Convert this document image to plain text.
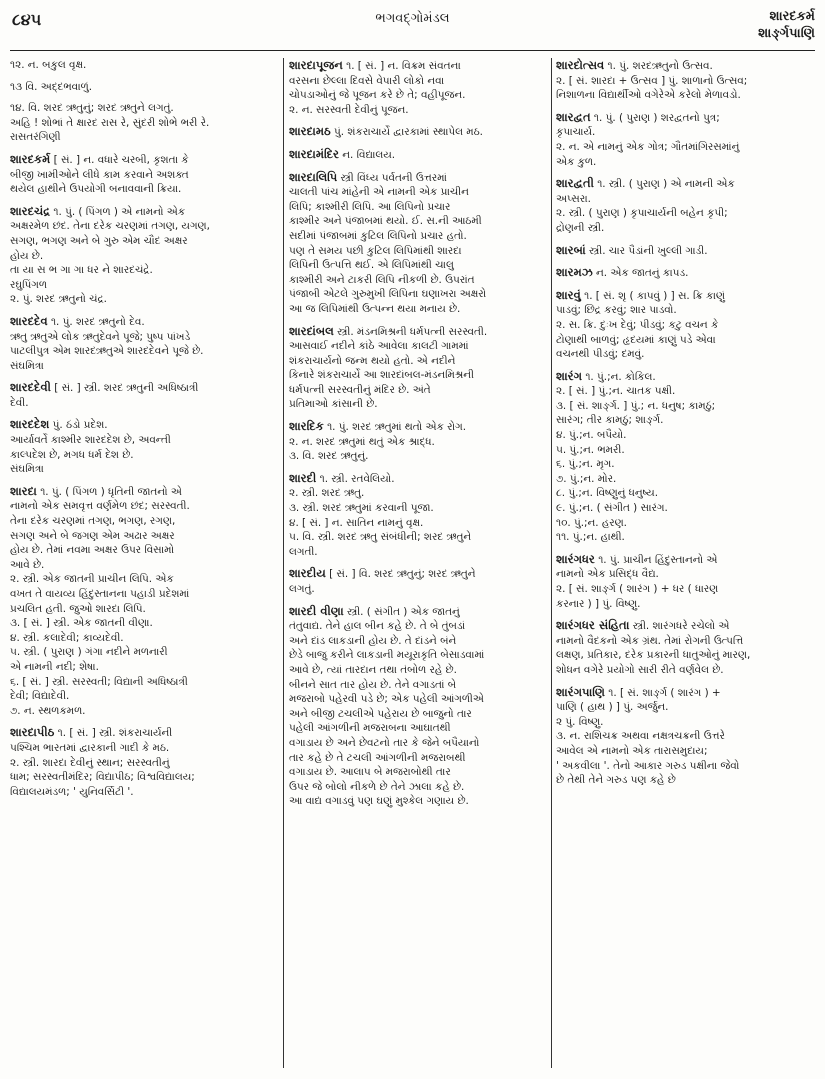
૮૪૫	ભગવદ્ગોમંડલ	શારદકર્મ
શાર્ઙ્ગપાણિ
૧૨. ન. બકુલ વૃક્ષ.
૧૩ વિ. અદ્દભવાળું.
૧૪. વિ. શરદ ઋતુનું; શરદ ઋતુને લગતું.
અહિ ! શોભાં તે ક્ષારદ રાસ રે, સુંદરી શોભે ભરી રે.
રાસતરંગિણી
શારદકર્મ [ સં. ] ન. વધારે ચરબી, કૃશતા કે
બીજી ખામીઓને લીધે કામ કરવાને અશક્ત
થયેલ હાથીને ઉપયોગી બનાવવાની ક્રિયા.
શારદચંદ્ર ૧. પું. ( પિંગળ ) એ નામનો એક
અક્ષરમેળ છંદ. તેના દરેક ચરણમાં તગણ, યગણ,
સગણ, ભગણ અને બે ગુરુ એમ ચૌદ અક્ષર
હોય છે.
તા યા સ ભ ગા ગા ધર ને શારદચંદ્રે.
રઘુપિંગળ
૨. પું. શરદ ઋતુનો ચંદ્ર.
શારદદેવ ૧. પું. શરદ ઋતુનો દેવ.
ઋતુ ઋતુએ લોક ઋતુદેવને પૂજે; પુષ્પ પાંખડે
પાટલીપુત્ર એમ શારદઋતુએ શારદદેવને પૂજે છે.
સંઘમિત્રા
શારદદેવી [ સં. ] સ્ત્રી. શરદ ઋતુની અધિષ્ઠાત્રી
દેવી.
શારદદેશ પું. ઠંડો પ્રદેશ.
આર્યાવર્તે કાશ્મીર શારદદેશ છે, અવન્તી
કાલ્પદેશ છે, મગધ ધર્મ દેશ છે.
સંઘમિત્રા
શારદા ૧. પું. ( પિંગળ ) ધૃતિની જાતનો એ
નામનો એક સમવૃત્ત વર્ણમેળ છંદ; સરસ્વતી.
તેના દરેક ચરણમાં તગણ, ભગણ, રગણ,
સગણ અને બે જગણ એમ અઢાર અક્ષર
હોય છે. તેમાં નવમા અક્ષર ઉપર વિસામો
આવે છે.
૨. સ્ત્રી. એક જાતની પ્રાચીન લિપિ. એક
વખત તે વાયવ્ય હિંદુસ્તાનના પહાડી પ્રદેશમાં
પ્રચલિત હતી. જુઓ શારદા લિપિ.
૩. [ સં. ] સ્ત્રી. એક જાતની વીણા.
૪. સ્ત્રી. કલાદેવી; કાવ્યદેવી.
૫. સ્ત્રી. ( પુરાણ ) ગંગા નદીને મળનારી
એ નામની નદી; શેષા.
૬. [ સં. ] સ્ત્રી. સરસ્વતી; વિદ્યાની અધિષ્ઠાત્રી
દેવી; વિદ્યાદેવી.
૭. ન. સ્થળકમળ.
શારદાપીઠ ૧. [ સં. ] સ્ત્રી. શંકરાચાર્યની
પશ્ચિમ ભારતમાં દ્વારકાની ગાદી કે મઠ.
૨. સ્ત્રી. શારદા દેવીનું સ્થાન; સરસ્વતીનું
ધામ; સરસ્વતીમંદિર; વિદ્યાપીઠ; વિશ્વવિદ્યાલય;
વિદ્યાલયમંડળ; ' યુનિવર્સિટી '.
શારદાપૂજન ૧. [ સં. ] ન. વિક્રમ સંવતના
વરસના છેલ્લા દિવસે વેપારી લોકો નવા
ચોપડાઓનું જે પૂજન કરે છે તે; વહીપૂજન.
૨. ન. સરસ્વતી દેવીનું પૂજન.
શારદામઠ પું. શંકરાચાર્યે દ્વારકામાં સ્થાપેલ મઠ.
શારદામંદિર ન. વિદ્યાલય.
શારદાલિપિ સ્ત્રી વિંધ્ય પર્વતની ઉત્તરમાં
ચાલતી પાંચ માંહેની એ નામની એક પ્રાચીન
લિપિ; કાશ્મીરી લિપિ. આ લિપિનો પ્રચાર
કાશ્મીર અને પંજાબમાં થયો. ઈ. સ.ની આઠમી
સદીમાં પંજાબમાં કુટિલ લિપિનો પ્રચાર હતો.
પણ તે સમય પછી કુટિલ લિપિમાંથી શારદા
લિપિની ઉત્પત્તિ થઈ. એ લિપિમાંથી ચાલુ
કાશ્મીરી અને ટાકરી લિપિ નીકળી છે. ઉપરાંત
પંજાબી એટલે ગુરુમુખી લિપિના ઘણાખરા અક્ષરો
આ જ લિપિમાંથી ઉત્પન્ન થયા મનાય છે.
શારદાંબલ સ્ત્રી. મંડનમિશ્રની ધર્મપત્ની સરસ્વતી.
આસવાઈ નદીને કાંઠે આવેલા કાલટી ગામમાં
શંકરાચાર્યનો જન્મ થયો હતો. એ નદીને
કિનારે શંકરાચાર્યે આ શારદાંબલ-મંડનમિશ્રની
ધર્મપત્ની સરસ્વતીનું મંદિર છે. અંતે
પ્રતિમાઓ કાંસાની છે.
શારદિક ૧. પું. શરદ ઋતુમાં થતો એક રોગ.
૨. ન. શરદ ઋતુમાં થતું એક શ્રાદ્ધ.
૩. વિ. શરદ ઋતુનું.
શારદી ૧. સ્ત્રી. રતવેલિયો.
૨. સ્ત્રી. શરદ ઋતુ.
૩. સ્ત્રી. શરદ ઋતુમાં કરવાની પૂજા.
૪. [ સં. ] ન. સાતિન નામનું વૃક્ષ.
૫. વિ. સ્ત્રી. શરદ ઋતુ સંબંધીની; શરદ ઋતુને
લગતી.
શારદીય [ સં. ] વિ. શરદ ઋતુનું; શરદ ઋતુને
લગતું.
શારદી વીણા સ્ત્રી. ( સંગીત ) એક જાતનું
તંતુવાદ્ય. તેને હાલ બીન કહે છે. તે બે તુંબડાં
અને દાંડ લાકડાની હોય છે. તે દાંડને બંને
છેડે બાજુ કરીને લાકડાની મયૂરાકૃતિ બેસાડવામાં
આવે છે, ત્યાં તારદાન તથા તંબોળ રહે છે.
બીનને સાત તાર હોય છે. તેને વગાડતાં બે
મજરાબો પહેરવી પડે છે; એક પહેલી આંગળીએ
અને બીજી ટચલીએ પહેરાય છે બાજુનો તાર
પહેલી આંગળીની મજરાબના આઘાતથી
વગાડાય છે અને છેવટનો તાર કે જેને બપૈયાનો
તાર કહે છે તે ટચલી આંગળીની મજરાબથી
વગાડાય છે. આલાપ બે મજરાબોથી તાર
ઉપર જે બોલો નીકળે છે તેને ઝાલા કહે છે.
આ વાદ્ય વગાડવું પણ ઘણું મુશ્કેલ ગણાય છે.
શારદોત્સવ ૧. પું. શરદઋતુનો ઉત્સવ.
૨. [ સં. શારદા + ઉત્સવ ] પું. શાળાનો ઉત્સવ;
નિશાળના વિદ્યાર્થીઓ વગેરેએ કરેલો મેળાવડો.
શારદ્વત ૧. પું. ( પુરાણ ) શરદ્વતનો પુત્ર;
કૃપાચાર્ય.
૨. ન. એ નામનું એક ગોત્ર; ગૌતમાંગિરસમાંનું
એક કુળ.
શારદ્વતી ૧. સ્ત્રી. ( પુરાણ ) એ નામની એક
અપ્સરા.
૨. સ્ત્રી. ( પુરાણ ) કૃપાચાર્યની બહેન કૃપી;
દ્રોણની સ્ત્રી.
શારબાં સ્ત્રી. ચાર પૈડાંની ખુલ્લી ગાડી.
શારમઝ ન. એક જાતનું કાપડ.
શારવું ૧. [ સં. શૃ ( કાપવું ) ] સ. ક્રિ કાણું
પાડવું; છિદ્ર કરવું; શાર પાડવો.
૨. સ. ક્રિ. દુઃખ દેવું; પીડવું; કટુ વચન કે
ટોણાથી બાળવું; હૃદયમાં કાણું પડે એવા
વચનથી પીડવું; દમવું.
શારંગ ૧. પું.;ન. કોકિલ.
૨. [ સં. ] પું.;ન. ચાતક પક્ષી.
૩. [ સં. શાર્ઙ્ગ. ] પું.; ન. ધનુષ; કામઠું;
સારંગ; તીર કામઠું; શાર્ઙ્ગ.
૪. પું.;ન. બપૈયો.
૫. પું.;ન. ભમરી.
૬. પું.;ન. મૃગ.
૭. પું.;ન. મોર.
૮. પું.;ન. વિષ્ણુનું ધનુષ્ય.
૯. પું.;ન. ( સંગીત ) સારંગ.
૧૦. પું.;ન. હરણ.
૧૧. પું.;ન. હાથી.
શારંગધર ૧. પું. પ્રાચીન હિંદુસ્તાનનો એ
નામનો એક પ્રસિદ્ધ વૈદ્ય.
૨. [ સં. શાર્ઙ્ગ ( શારંગ ) + ધર ( ધારણ
કરનાર ) ] પું. વિષ્ણુ.
શારંગધર સંહિતા સ્ત્રી. શારંગધરે રચેલો એ
નામનો વૈદકનો એક ગ્રંથ. તેમાં રોગની ઉત્પત્તિ
લક્ષણ, પ્રતિકાર, દરેક પ્રકારની ધાતુઓનું મારણ,
શોધન વગેરે પ્રયોગો સારી રીતે વર્ણવેલ છે.
શારંગપાણિ ૧. [ સં. શાર્ઙ્ગ ( શારંગ ) +
પાણિ ( હાથ ) ] પું. અર્જુન.
૨ પું. વિષ્ણુ.
૩. ન. રાશિચક્ર અથવા નક્ષત્રચક્રની ઉત્તરે
આવેલ એ નામનો એક તારાસમુદાય;
' અકવીલા '. તેનો આકાર ગરુડ પક્ષીના જેવો
છે તેથી તેને ગરુડ પણ કહે છે
